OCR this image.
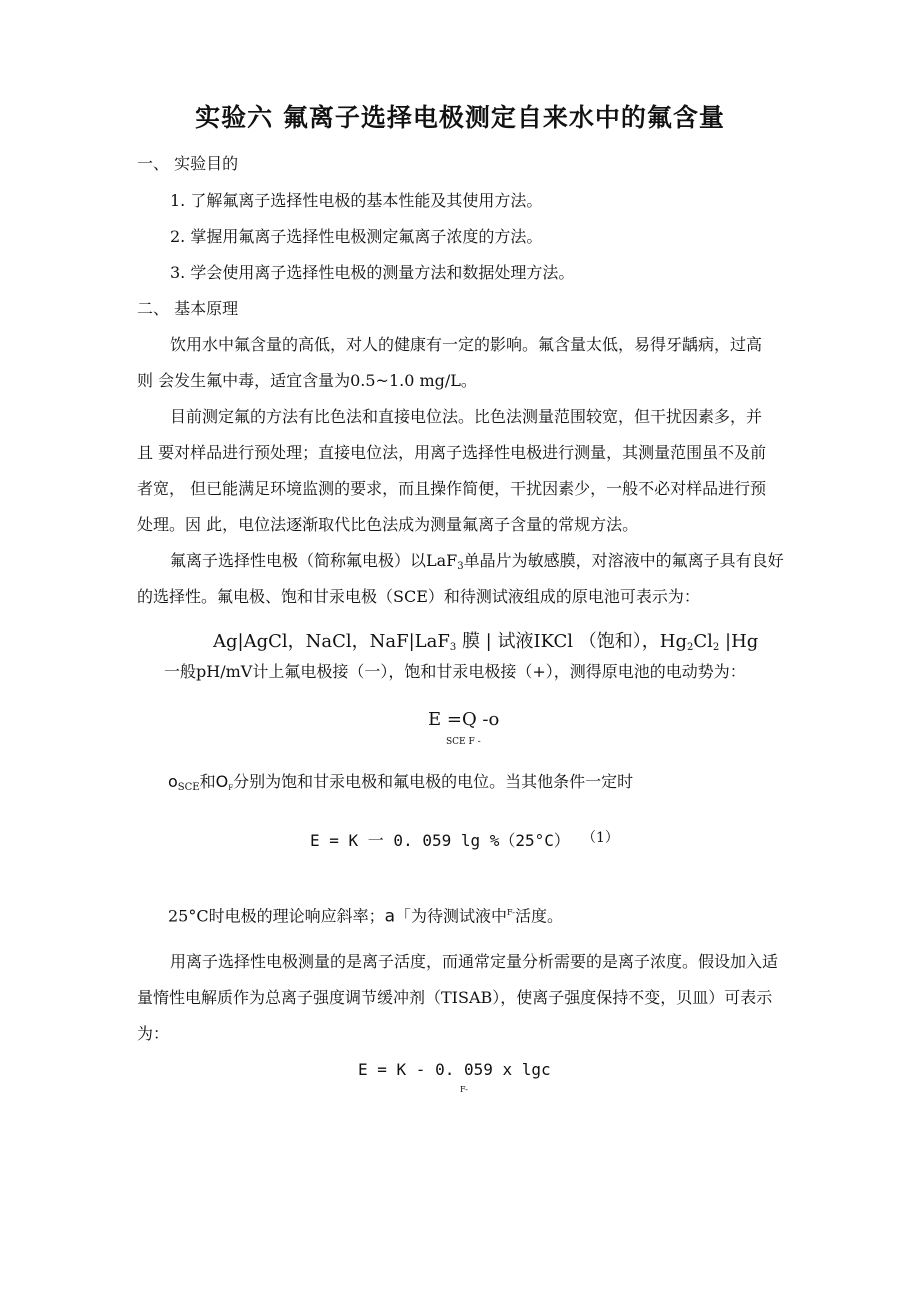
实验六 氟离子选择电极测定自来水中的氟含量
一、 实验目的
1. 了解氟离子选择性电极的基本性能及其使用方法。
2. 掌握用氟离子选择性电极测定氟离子浓度的方法。
3. 学会使用离子选择性电极的测量方法和数据处理方法。
二、 基本原理
饮用水中氟含量的高低，对人的健康有一定的影响。氟含量太低，易得牙龋病，过高
则 会发生氟中毒，适宜含量为0.5~1.0 mg/L。
目前测定氟的方法有比色法和直接电位法。比色法测量范围较宽，但干扰因素多，并
且 要对样品进行预处理；直接电位法，用离子选择性电极进行测量，其测量范围虽不及前
者宽， 但已能满足环境监测的要求，而且操作简便，干扰因素少，一般不必对样品进行预
处理。因 此，电位法逐渐取代比色法成为测量氟离子含量的常规方法。
氟离子选择性电极（简称氟电极）以LaF$_3$单晶片为敏感膜，对溶液中的氟离子具有良好
的选择性。氟电极、饱和甘汞电极（SCE）和待测试液组成的原电池可表示为：
Ag|AgCl，NaCl，NaF|LaF$_3$ 膜 | 试液IKCl （饱和），$Hg_2Cl_2$ |Hg
一般pH/mV计上氟电极接（一），饱和甘汞电极接（+），测得原电池的电动势为：
E =Q -o
SCE F -
$o_{SCE}$和$O_F$分别为饱和甘汞电极和氟电极的电位。当其他条件一定时
E = K 一 0. 059 lg %（25°C） （1）
25°C时电极的理论响应斜率；a「为待测试液中$^{F-}$活度。
用离子选择性电极测量的是离子活度，而通常定量分析需要的是离子浓度。假设加入适
量惰性电解质作为总离子强度调节缓冲剂（TISAB），使离子强度保持不变，贝皿）可表示
为：
E = K - 0. 059 x lgc
F-
